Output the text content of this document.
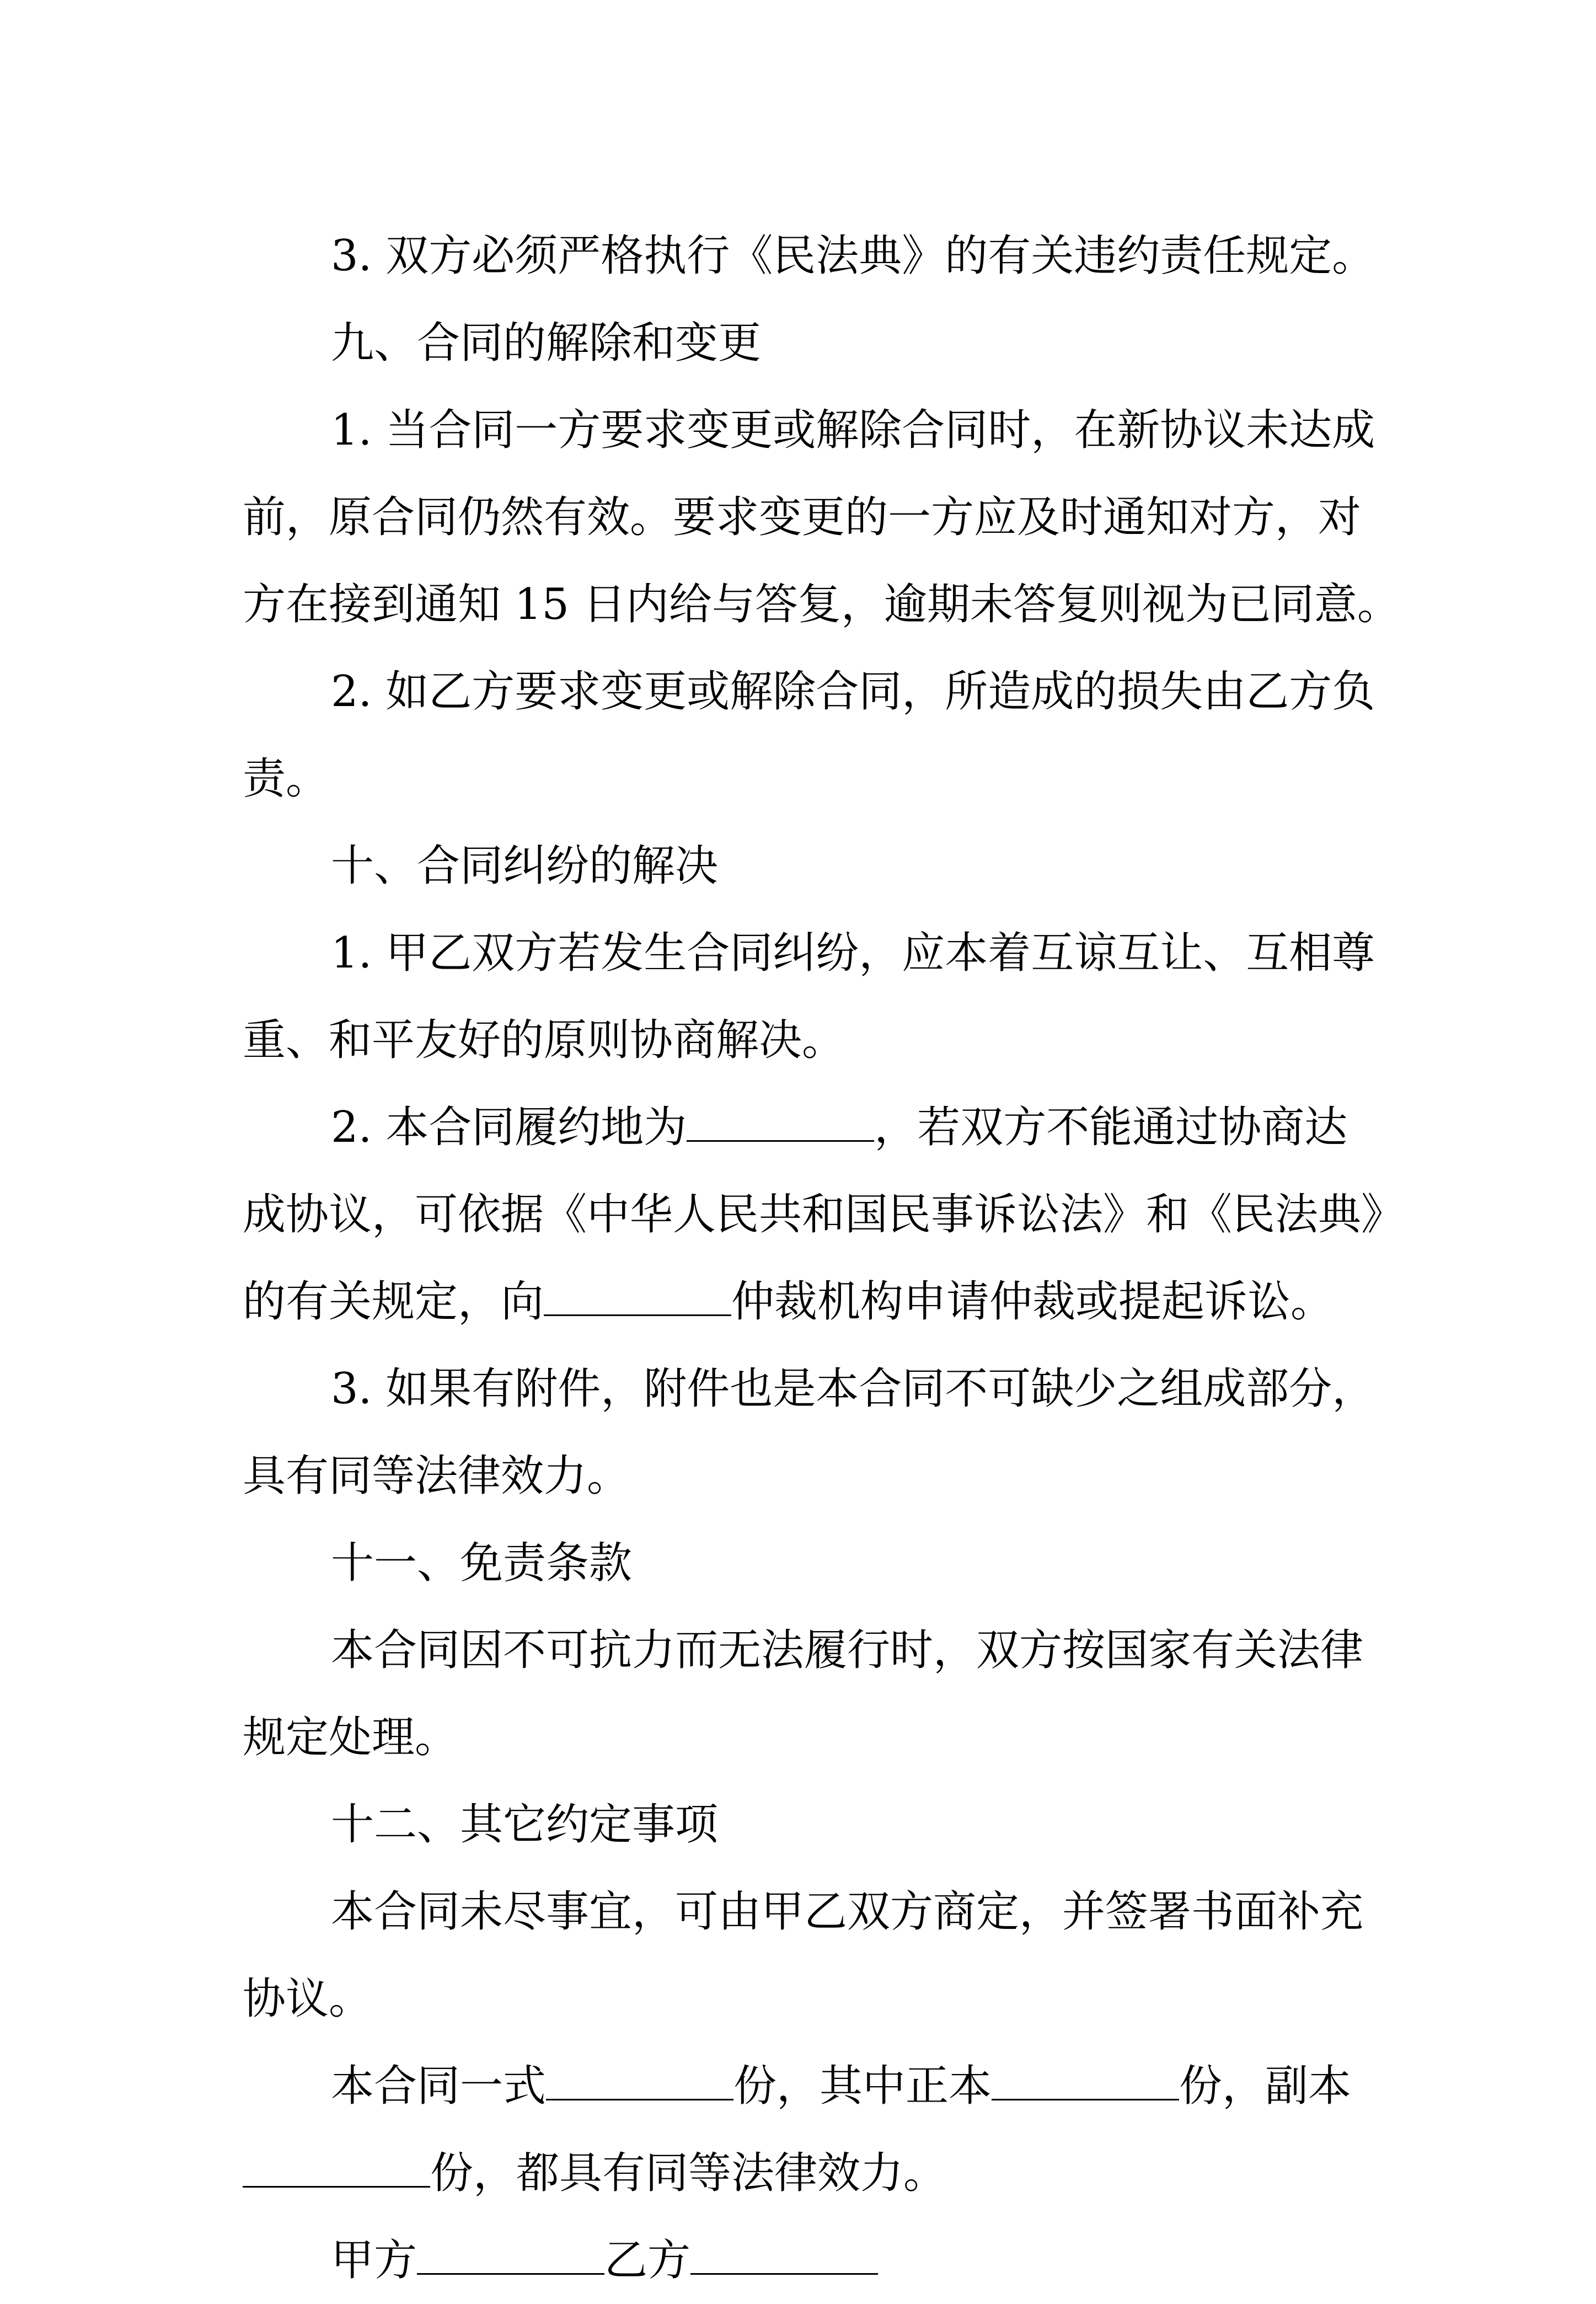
3. 双方必须严格执行《民法典》的有关违约责任规定。
九、合同的解除和变更
1. 当合同一方要求变更或解除合同时，在新协议未达成
前，原合同仍然有效。要求变更的一方应及时通知对方，对
方在接到通知 15 日内给与答复，逾期未答复则视为已同意。
2. 如乙方要求变更或解除合同，所造成的损失由乙方负
责。
十、合同纠纷的解决
1. 甲乙双方若发生合同纠纷，应本着互谅互让、互相尊
重、和平友好的原则协商解决。
2. 本合同履约地为	，若双方不能通过协商达
成协议，可依据《中华人民共和国民事诉讼法》和《民法典》
的有关规定，向	仲裁机构申请仲裁或提起诉讼。
3. 如果有附件，附件也是本合同不可缺少之组成部分，
具有同等法律效力。
十一、免责条款
本合同因不可抗力而无法履行时，双方按国家有关法律
规定处理。
十二、其它约定事项
本合同未尽事宜，可由甲乙双方商定，并签署书面补充
协议。
本合同一式	份，其中正本	份，副本
份，都具有同等法律效力。
甲方	乙方
